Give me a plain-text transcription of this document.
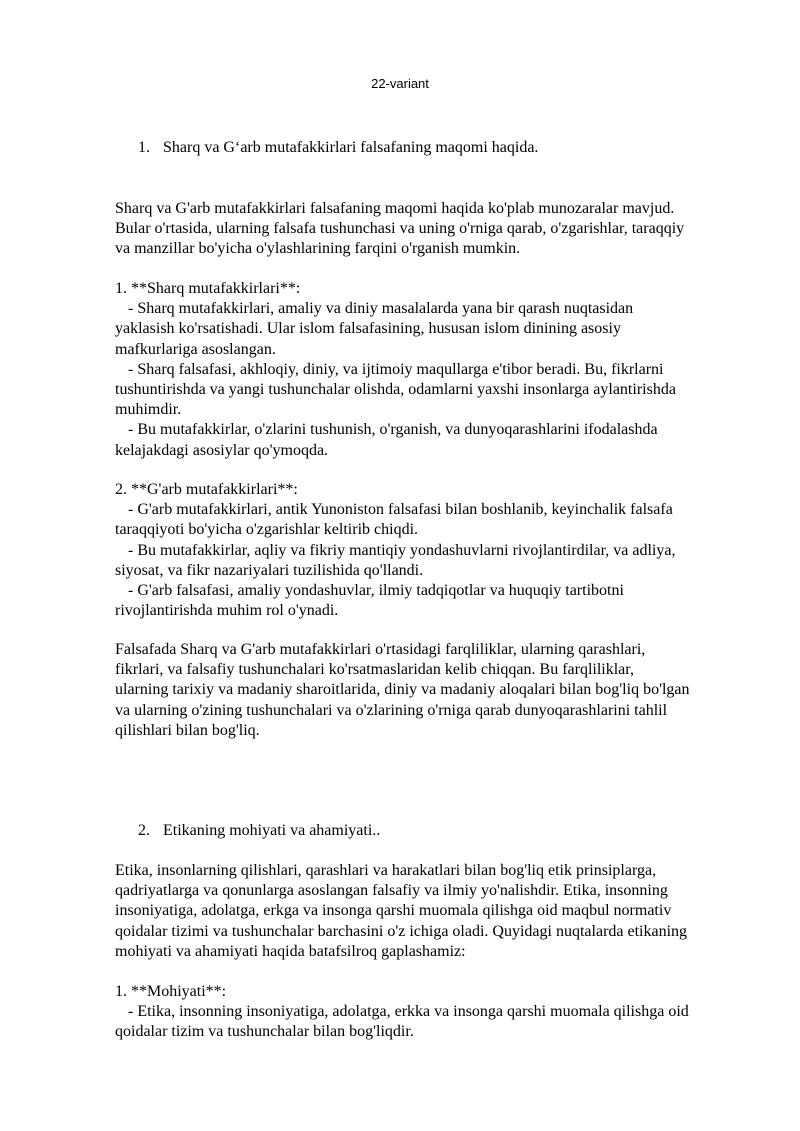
22-variant

1. Sharq va G‘arb mutafakkirlari falsafaning maqomi haqida.

Sharq va G'arb mutafakkirlari falsafaning maqomi haqida ko'plab munozaralar mavjud.
Bular o'rtasida, ularning falsafa tushunchasi va uning o'rniga qarab, o'zgarishlar, taraqqiy
va manzillar bo'yicha o'ylashlarining farqini o'rganish mumkin.
1. **Sharq mutafakkirlari**:
- Sharq mutafakkirlari, amaliy va diniy masalalarda yana bir qarash nuqtasidan
yaklasish ko'rsatishadi. Ular islom falsafasining, hususan islom dinining asosiy
mafkurlariga asoslangan.
- Sharq falsafasi, akhloqiy, diniy, va ijtimoiy maqullarga e'tibor beradi. Bu, fikrlarni
tushuntirishda va yangi tushunchalar olishda, odamlarni yaxshi insonlarga aylantirishda
muhimdir.
- Bu mutafakkirlar, o'zlarini tushunish, o'rganish, va dunyoqarashlarini ifodalashda
kelajakdagi asosiylar qo'ymoqda.
2. **G'arb mutafakkirlari**:
- G'arb mutafakkirlari, antik Yunoniston falsafasi bilan boshlanib, keyinchalik falsafa
taraqqiyoti bo'yicha o'zgarishlar keltirib chiqdi.
- Bu mutafakkirlar, aqliy va fikriy mantiqiy yondashuvlarni rivojlantirdilar, va adliya,
siyosat, va fikr nazariyalari tuzilishida qo'llandi.
- G'arb falsafasi, amaliy yondashuvlar, ilmiy tadqiqotlar va huquqiy tartibotni
rivojlantirishda muhim rol o'ynadi.
Falsafada Sharq va G'arb mutafakkirlari o'rtasidagi farqliliklar, ularning qarashlari,
fikrlari, va falsafiy tushunchalari ko'rsatmaslaridan kelib chiqqan. Bu farqliliklar,
ularning tarixiy va madaniy sharoitlarida, diniy va madaniy aloqalari bilan bog'liq bo'lgan
va ularning o'zining tushunchalari va o'zlarining o'rniga qarab dunyoqarashlarini tahlil
qilishlari bilan bog'liq.

2. Etikaning mohiyati va ahamiyati..

Etika, insonlarning qilishlari, qarashlari va harakatlari bilan bog'liq etik prinsiplarga,
qadriyatlarga va qonunlarga asoslangan falsafiy va ilmiy yo'nalishdir. Etika, insonning
insoniyatiga, adolatga, erkga va insonga qarshi muomala qilishga oid maqbul normativ
qoidalar tizimi va tushunchalar barchasini o'z ichiga oladi. Quyidagi nuqtalarda etikaning
mohiyati va ahamiyati haqida batafsilroq gaplashamiz:
1. **Mohiyati**:
- Etika, insonning insoniyatiga, adolatga, erkka va insonga qarshi muomala qilishga oid
qoidalar tizim va tushunchalar bilan bog'liqdir.
